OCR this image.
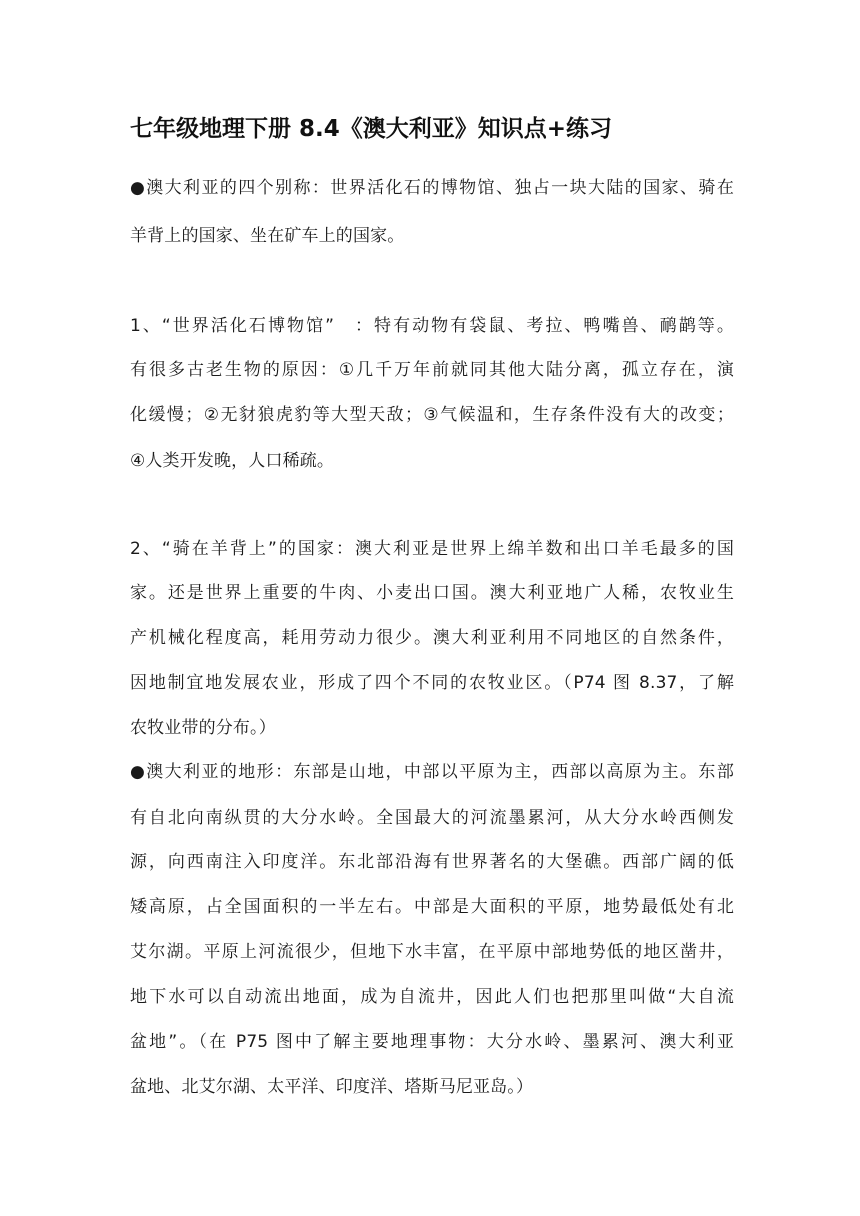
七年级地理下册 8.4《澳大利亚》知识点+练习
●澳大利亚的四个别称：世界活化石的博物馆、独占一块大陆的国家、骑在
羊背上的国家、坐在矿车上的国家。
1、“世界活化石博物馆”　：特有动物有袋鼠、考拉、鸭嘴兽、鸸鹋等。
有很多古老生物的原因：①几千万年前就同其他大陆分离，孤立存在，演
化缓慢；②无豺狼虎豹等大型天敌；③气候温和，生存条件没有大的改变；
④人类开发晚，人口稀疏。
2、“骑在羊背上”的国家：澳大利亚是世界上绵羊数和出口羊毛最多的国
家。还是世界上重要的牛肉、小麦出口国。澳大利亚地广人稀，农牧业生
产机械化程度高，耗用劳动力很少。澳大利亚利用不同地区的自然条件，
因地制宜地发展农业，形成了四个不同的农牧业区。（P74 图 8.37，了解
农牧业带的分布。）
●澳大利亚的地形：东部是山地，中部以平原为主，西部以高原为主。东部
有自北向南纵贯的大分水岭。全国最大的河流墨累河，从大分水岭西侧发
源，向西南注入印度洋。东北部沿海有世界著名的大堡礁。西部广阔的低
矮高原，占全国面积的一半左右。中部是大面积的平原，地势最低处有北
艾尔湖。平原上河流很少，但地下水丰富，在平原中部地势低的地区凿井，
地下水可以自动流出地面，成为自流井，因此人们也把那里叫做“大自流
盆地”。（在 P75 图中了解主要地理事物：大分水岭、墨累河、澳大利亚
盆地、北艾尔湖、太平洋、印度洋、塔斯马尼亚岛。）
